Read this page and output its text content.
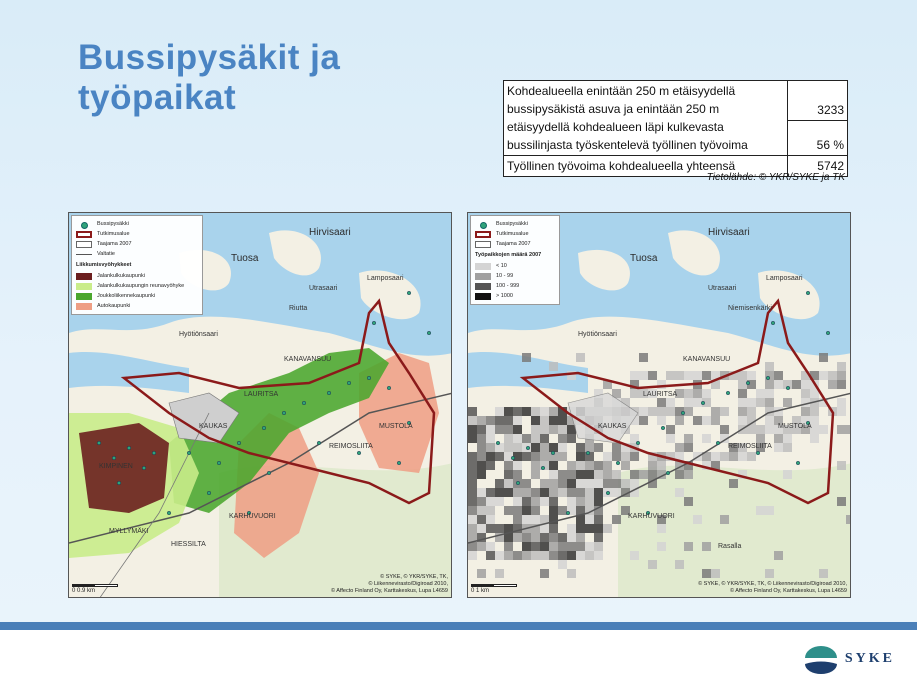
Bussipysäkit ja
työpaikat	Kohdealueella enintään 250 m etäisyydellä bussipysäkistä asuva ja enintään 250 m etäisyydellä kohdealueen läpi kulkevasta bussilinjasta työskentelevä työllinen työvoima	3233
	56 %
Työllinen työvoima kohdealueella yhteensä	5742
Tietolähde: © YKR/SYKE ja TK
Hirvisaari
Tuosa
Utrasaari
Lamposaari
Riutta
Hyötiönsaari
KANAVANSUU
LAURITSA
KAUKAS	MUSTOLA
REIMOSLIITA
KARHUVUORI
HIESSILTA
KIMPINEN
MYLLYMÄKI
Bussipysäkki
Tutkimusalue
Taajama 2007
Valtatie
Liikkumisvyöhykkeet
Jalankulkukaupunki
Jalankulkukaupungin reunavyöhyke
Joukkoliikennekaupunki
Autokaupunki
0 0.9 km
© SYKE, © YKR/SYKE, TK,
© Liikennevirasto/Digiroad 2010,
© Affecto Finland Oy, Karttakeskus, Lupa L4659
Hirvisaari
Tuosa
Utrasaari
Lamposaari
Niemisenkärki
Hyötiönsaari
KANAVANSUU
LAURITSA
KAUKAS	MUSTOLA
REIMOSLIITA
KARHUVUORI
Rasalla
Bussipysäkki
Tutkimusalue
Taajama 2007
Työpaikkojen määrä 2007
< 10
10 - 99
100 - 999
> 1000
0 1 km
© SYKE, © YKR/SYKE, TK, © Liikennevirasto/Digiroad 2010,
© Affecto Finland Oy, Karttakeskus, Lupa L4659
SYKE
